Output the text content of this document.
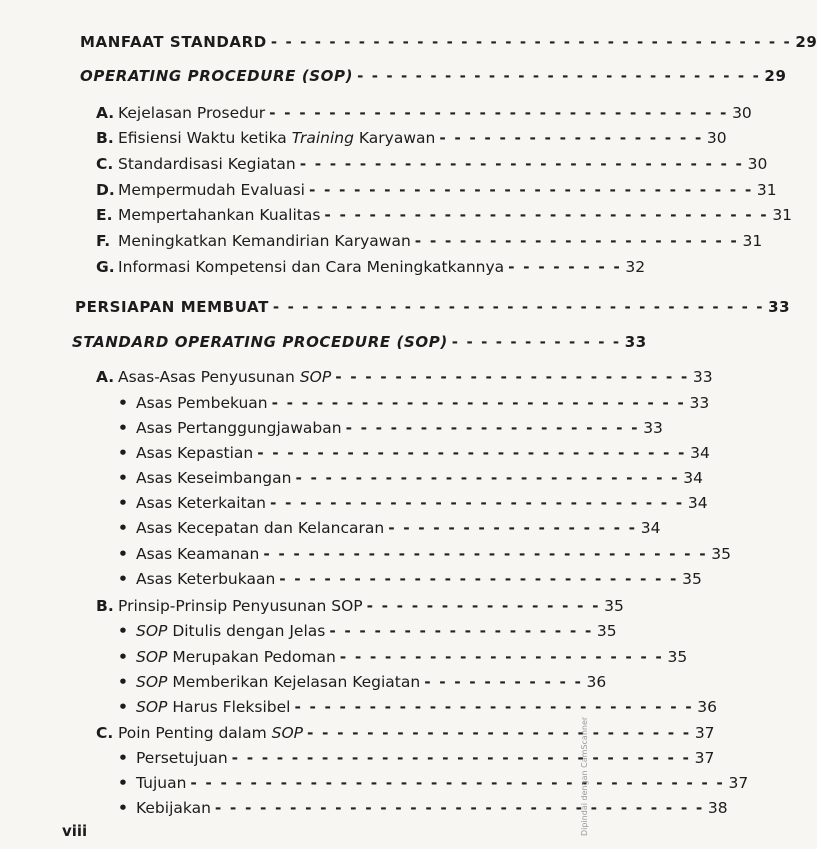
MANFAAT STANDARD - - - - - - - - - - - - - - - - - - - - - - - - - - - - - - - - - - - - 29
OPERATING PROCEDURE (SOP) - - - - - - - - - - - - - - - - - - - - - - - - - - - - 29
A. Kejelasan Prosedur - - - - - - - - - - - - - - - - - - - - - - - - - - - - - - - 30
B. Efisiensi Waktu ketika Training Karyawan - - - - - - - - - - - - - - - - - - 30
C. Standardisasi Kegiatan - - - - - - - - - - - - - - - - - - - - - - - - - - - - - - 30
D. Mempermudah Evaluasi - - - - - - - - - - - - - - - - - - - - - - - - - - - - - - 31
E. Mempertahankan Kualitas - - - - - - - - - - - - - - - - - - - - - - - - - - - - - - 31
F. Meningkatkan Kemandirian Karyawan - - - - - - - - - - - - - - - - - - - - - - 31
G. Informasi Kompetensi dan Cara Meningkatkannya - - - - - - - - 32
PERSIAPAN MEMBUAT - - - - - - - - - - - - - - - - - - - - - - - - - - - - - - - - - - 33
STANDARD OPERATING PROCEDURE (SOP) - - - - - - - - - - - - 33
A. Asas-Asas Penyusunan SOP - - - - - - - - - - - - - - - - - - - - - - - - 33
• Asas Pembekuan - - - - - - - - - - - - - - - - - - - - - - - - - - - - 33
• Asas Pertanggungjawaban - - - - - - - - - - - - - - - - - - - - 33
• Asas Kepastian - - - - - - - - - - - - - - - - - - - - - - - - - - - - - 34
• Asas Keseimbangan - - - - - - - - - - - - - - - - - - - - - - - - - - 34
• Asas Keterkaitan - - - - - - - - - - - - - - - - - - - - - - - - - - - - 34
• Asas Kecepatan dan Kelancaran - - - - - - - - - - - - - - - - - 34
• Asas Keamanan - - - - - - - - - - - - - - - - - - - - - - - - - - - - - - 35
• Asas Keterbukaan - - - - - - - - - - - - - - - - - - - - - - - - - - - 35
B. Prinsip-Prinsip Penyusunan SOP - - - - - - - - - - - - - - - - 35
• SOP Ditulis dengan Jelas - - - - - - - - - - - - - - - - - - 35
• SOP Merupakan Pedoman - - - - - - - - - - - - - - - - - - - - - - 35
• SOP Memberikan Kejelasan Kegiatan - - - - - - - - - - - 36
• SOP Harus Fleksibel - - - - - - - - - - - - - - - - - - - - - - - - - - - 36
C. Poin Penting dalam SOP - - - - - - - - - - - - - - - - - - - - - - - - - - 37
• Persetujuan - - - - - - - - - - - - - - - - - - - - - - - - - - - - - - - 37
• Tujuan - - - - - - - - - - - - - - - - - - - - - - - - - - - - - - - - - - - - 37
• Kebijakan - - - - - - - - - - - - - - - - - - - - - - - - - - - - - - - - - 38
viii	Dipindai dengan CamScanner
